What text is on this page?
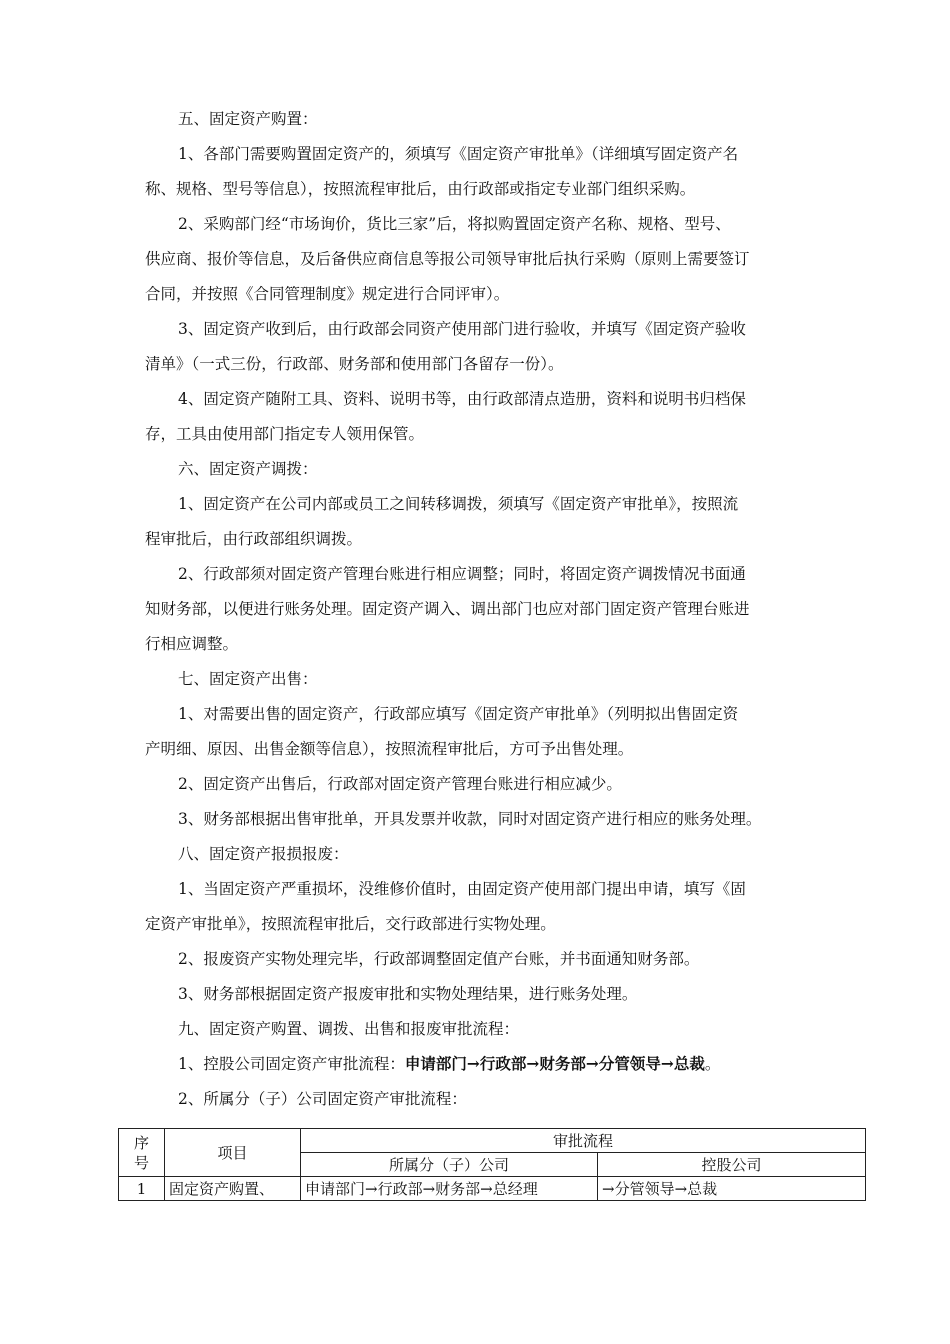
五、固定资产购置：
1、各部门需要购置固定资产的，须填写《固定资产审批单》（详细填写固定资产名
称、规格、型号等信息），按照流程审批后，由行政部或指定专业部门组织采购。
2、采购部门经“市场询价，货比三家”后，将拟购置固定资产名称、规格、型号、
供应商、报价等信息，及后备供应商信息等报公司领导审批后执行采购（原则上需要签订
合同，并按照《合同管理制度》规定进行合同评审）。
3、固定资产收到后，由行政部会同资产使用部门进行验收，并填写《固定资产验收
清单》（一式三份，行政部、财务部和使用部门各留存一份）。
4、固定资产随附工具、资料、说明书等，由行政部清点造册，资料和说明书归档保
存，工具由使用部门指定专人领用保管。
六、固定资产调拨：
1、固定资产在公司内部或员工之间转移调拨，须填写《固定资产审批单》，按照流
程审批后，由行政部组织调拨。
2、行政部须对固定资产管理台账进行相应调整；同时，将固定资产调拨情况书面通
知财务部，以便进行账务处理。固定资产调入、调出部门也应对部门固定资产管理台账进
行相应调整。
七、固定资产出售：
1、对需要出售的固定资产，行政部应填写《固定资产审批单》（列明拟出售固定资
产明细、原因、出售金额等信息），按照流程审批后，方可予出售处理。
2、固定资产出售后，行政部对固定资产管理台账进行相应减少。
3、财务部根据出售审批单，开具发票并收款，同时对固定资产进行相应的账务处理。
八、固定资产报损报废：
1、当固定资产严重损坏，没维修价值时，由固定资产使用部门提出申请，填写《固
定资产审批单》，按照流程审批后，交行政部进行实物处理。
2、报废资产实物处理完毕，行政部调整固定值产台账，并书面通知财务部。
3、财务部根据固定资产报废审批和实物处理结果，进行账务处理。
九、固定资产购置、调拨、出售和报废审批流程：
1、控股公司固定资产审批流程：申请部门→行政部→财务部→分管领导→总裁。
2、所属分（子）公司固定资产审批流程：
序
号	项目	审批流程	
		所属分（子）公司	控股公司
1	固定资产购置、	申请部门→行政部→财务部→总经理	→分管领导→总裁
